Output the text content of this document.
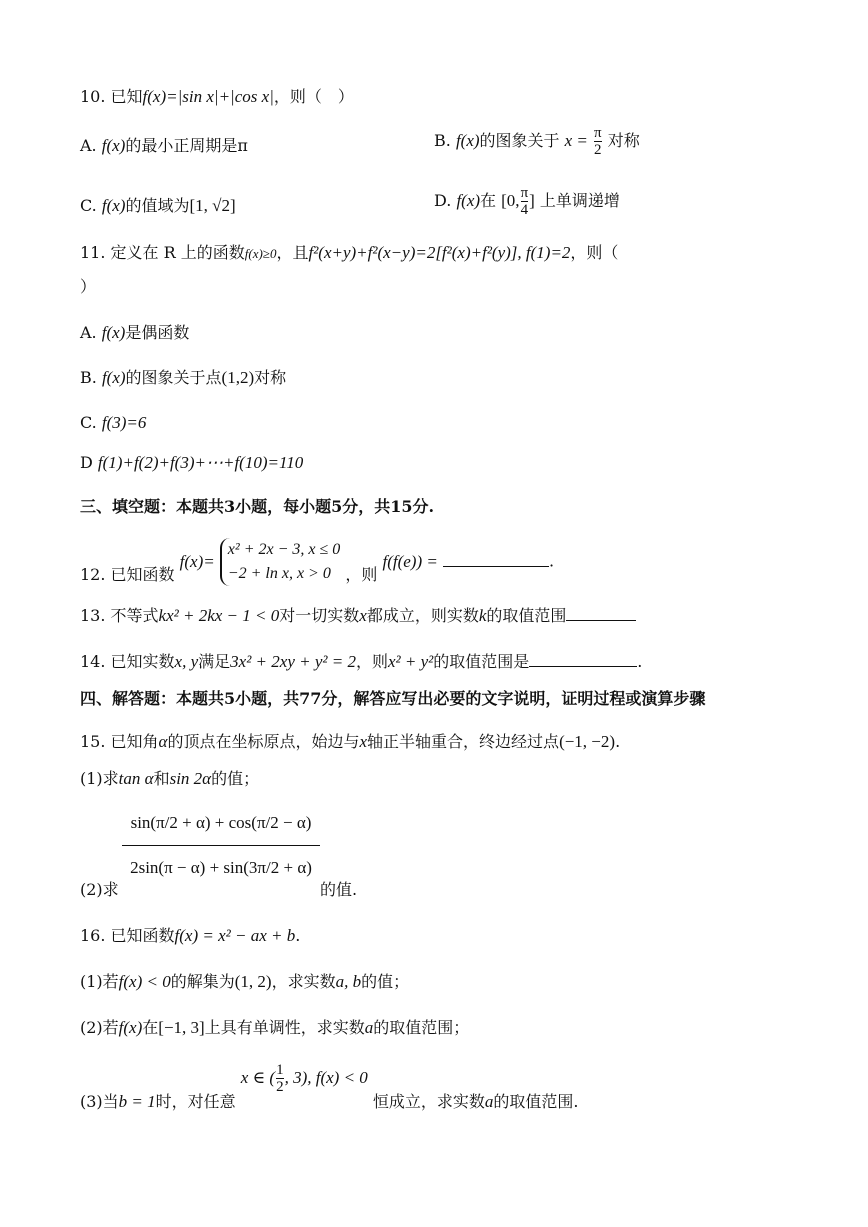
10. 已知f(x)=|sin x|+|cos x|，则（　）
A. f(x)的最小正周期是π	B. f(x)的图象关于 $x = \frac{\pi}{2}$ 对称
C. f(x)的值域为[1, √2]	D. f(x)在 [0, $\frac{\pi}{4}$ ] 上单调递增
11. 定义在 R 上的函数f(x)≥0，且f²(x+y)+f²(x−y)=2[f²(x)+f²(y)], f(1)=2，则（
）
A. f(x)是偶函数
B. f(x)的图象关于点(1,2)对称
C. f(3)=6
D f(1)+f(2)+f(3)+⋯+f(10)=110
三、填空题：本题共3小题，每小题5分，共15分.
12. 已知函数 f(x)=
x² + 2x − 3, x ≤ 0
−2 + ln x, x > 0 ，则 f(f(e)) =	.
13. 不等式kx² + 2kx − 1 < 0对一切实数x都成立，则实数k的取值范围
14. 已知实数x, y满足3x² + 2xy + y² = 2，则x² + y²的取值范围是	.
四、解答题：本题共5小题，共77分，解答应写出必要的文字说明，证明过程或演算步骤
15. 已知角α的顶点在坐标原点，始边与x轴正半轴重合，终边经过点(−1, −2).
(1)求tan α和sin 2α的值；
sin(π/2 + α) + cos(π/2 − α)
2sin(π − α) + sin(3π/2 + α)
(2)求	的值.
16. 已知函数f(x) = x² − ax + b.
(1)若f(x) < 0的解集为(1, 2)，求实数a, b的值；
(2)若f(x)在[−1, 3]上具有单调性，求实数a的取值范围；
(3)当b = 1时，对任意 x ∈ ( $\frac{1}{2}$ , 3), f(x) < 0 恒成立，求实数a的取值范围.
